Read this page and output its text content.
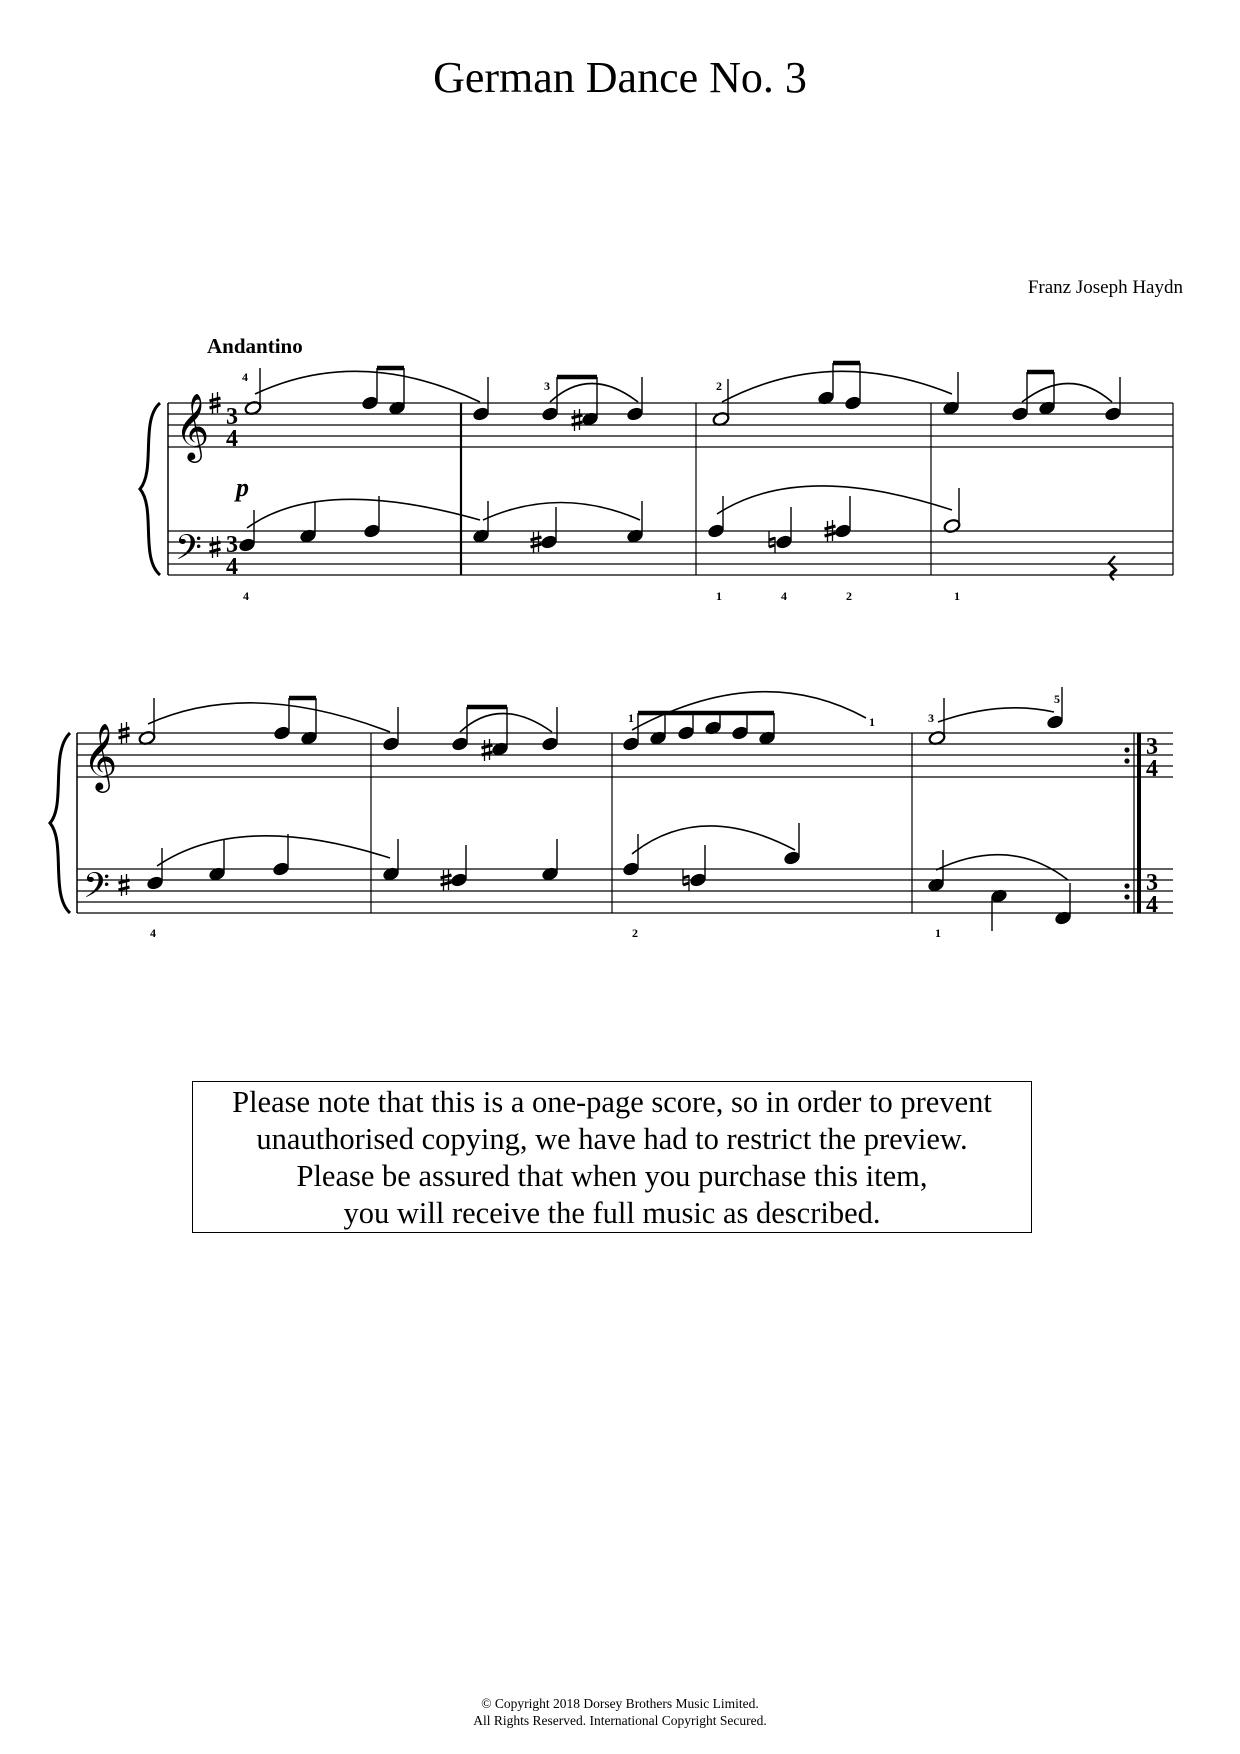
German Dance No. 3
Franz Joseph Haydn
Andantino
𝄞
𝄢
3
4
3
4
p
4
3	2
4	1	4	2	1
𝄞
𝄢
3
4
3
4
1	1	3
5
4	2	1
Please note that this is a one-page score, so in order to prevent
unauthorised copying, we have had to restrict the preview.
Please be assured that when you purchase this item,
you will receive the full music as described.
© Copyright 2018 Dorsey Brothers Music Limited.
All Rights Reserved. International Copyright Secured.
